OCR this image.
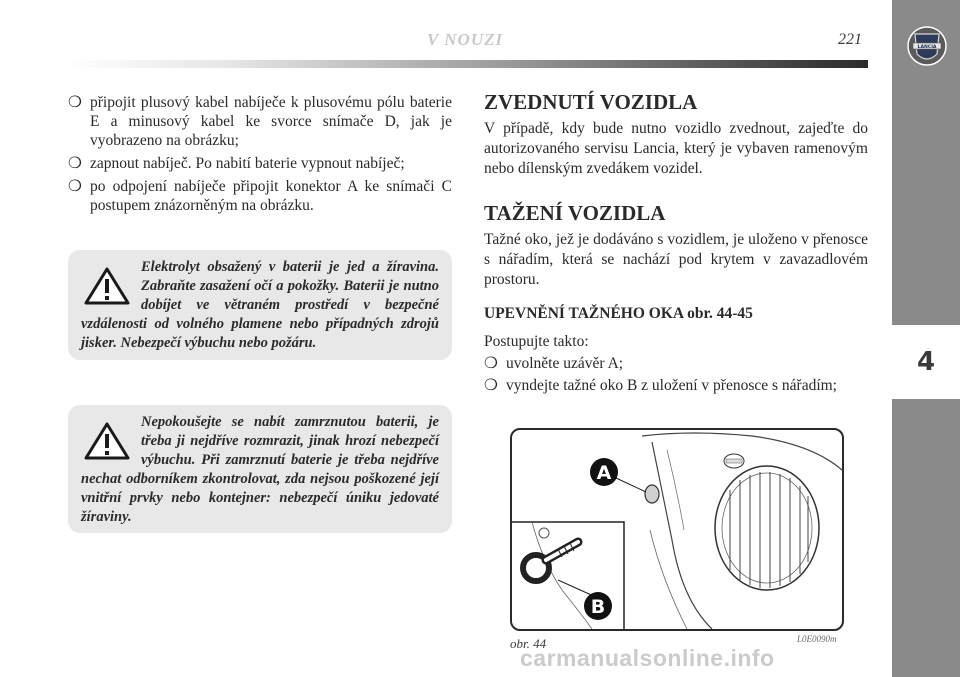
LANCIA
4
V NOUZI	221
❍ připojit plusový kabel nabíječe k plusovému pólu baterie E a minusový kabel ke svorce snímače D, jak je vyobrazeno na obrázku;
❍ zapnout nabíječ. Po nabití baterie vypnout nabíječ;
❍ po odpojení nabíječe připojit konektor A ke snímači C postupem znázorněným na obrázku.
Elektrolyt obsažený v baterii je jed a žíravina. Zabraňte zasažení očí a pokožky. Baterii je nutno dobíjet ve větraném prostředí v bezpečné vzdálenosti od volného plamene nebo případných zdrojů jisker. Nebezpečí výbuchu nebo požáru.
Nepokoušejte se nabít zamrznutou baterii, je třeba ji nejdříve rozmrazit, jinak hrozí nebezpečí výbuchu. Při zamrznutí baterie je třeba nejdříve nechat odborníkem zkontrolovat, zda nejsou poškozené její vnitřní prvky nebo kontejner: nebezpečí úniku jedovaté žíraviny.
ZVEDNUTÍ VOZIDLA
V případě, kdy bude nutno vozidlo zvednout, zajeďte do autorizovaného servisu Lancia, který je vybaven ramenovým nebo dílenským zvedákem vozidel.
TAŽENÍ VOZIDLA
Tažné oko, jež je dodáváno s vozidlem, je uloženo v přenosce s nářadím, která se nachází pod krytem v zavazadlovém prostoru.
UPEVNĚNÍ TAŽNÉHO OKA obr. 44-45
Postupujte takto:
❍ uvolněte uzávěr A;
❍ vyndejte tažné oko B z uložení v přenosce s nářadím;
A
B
obr. 44	L0E0090m
carmanualsonline.info
